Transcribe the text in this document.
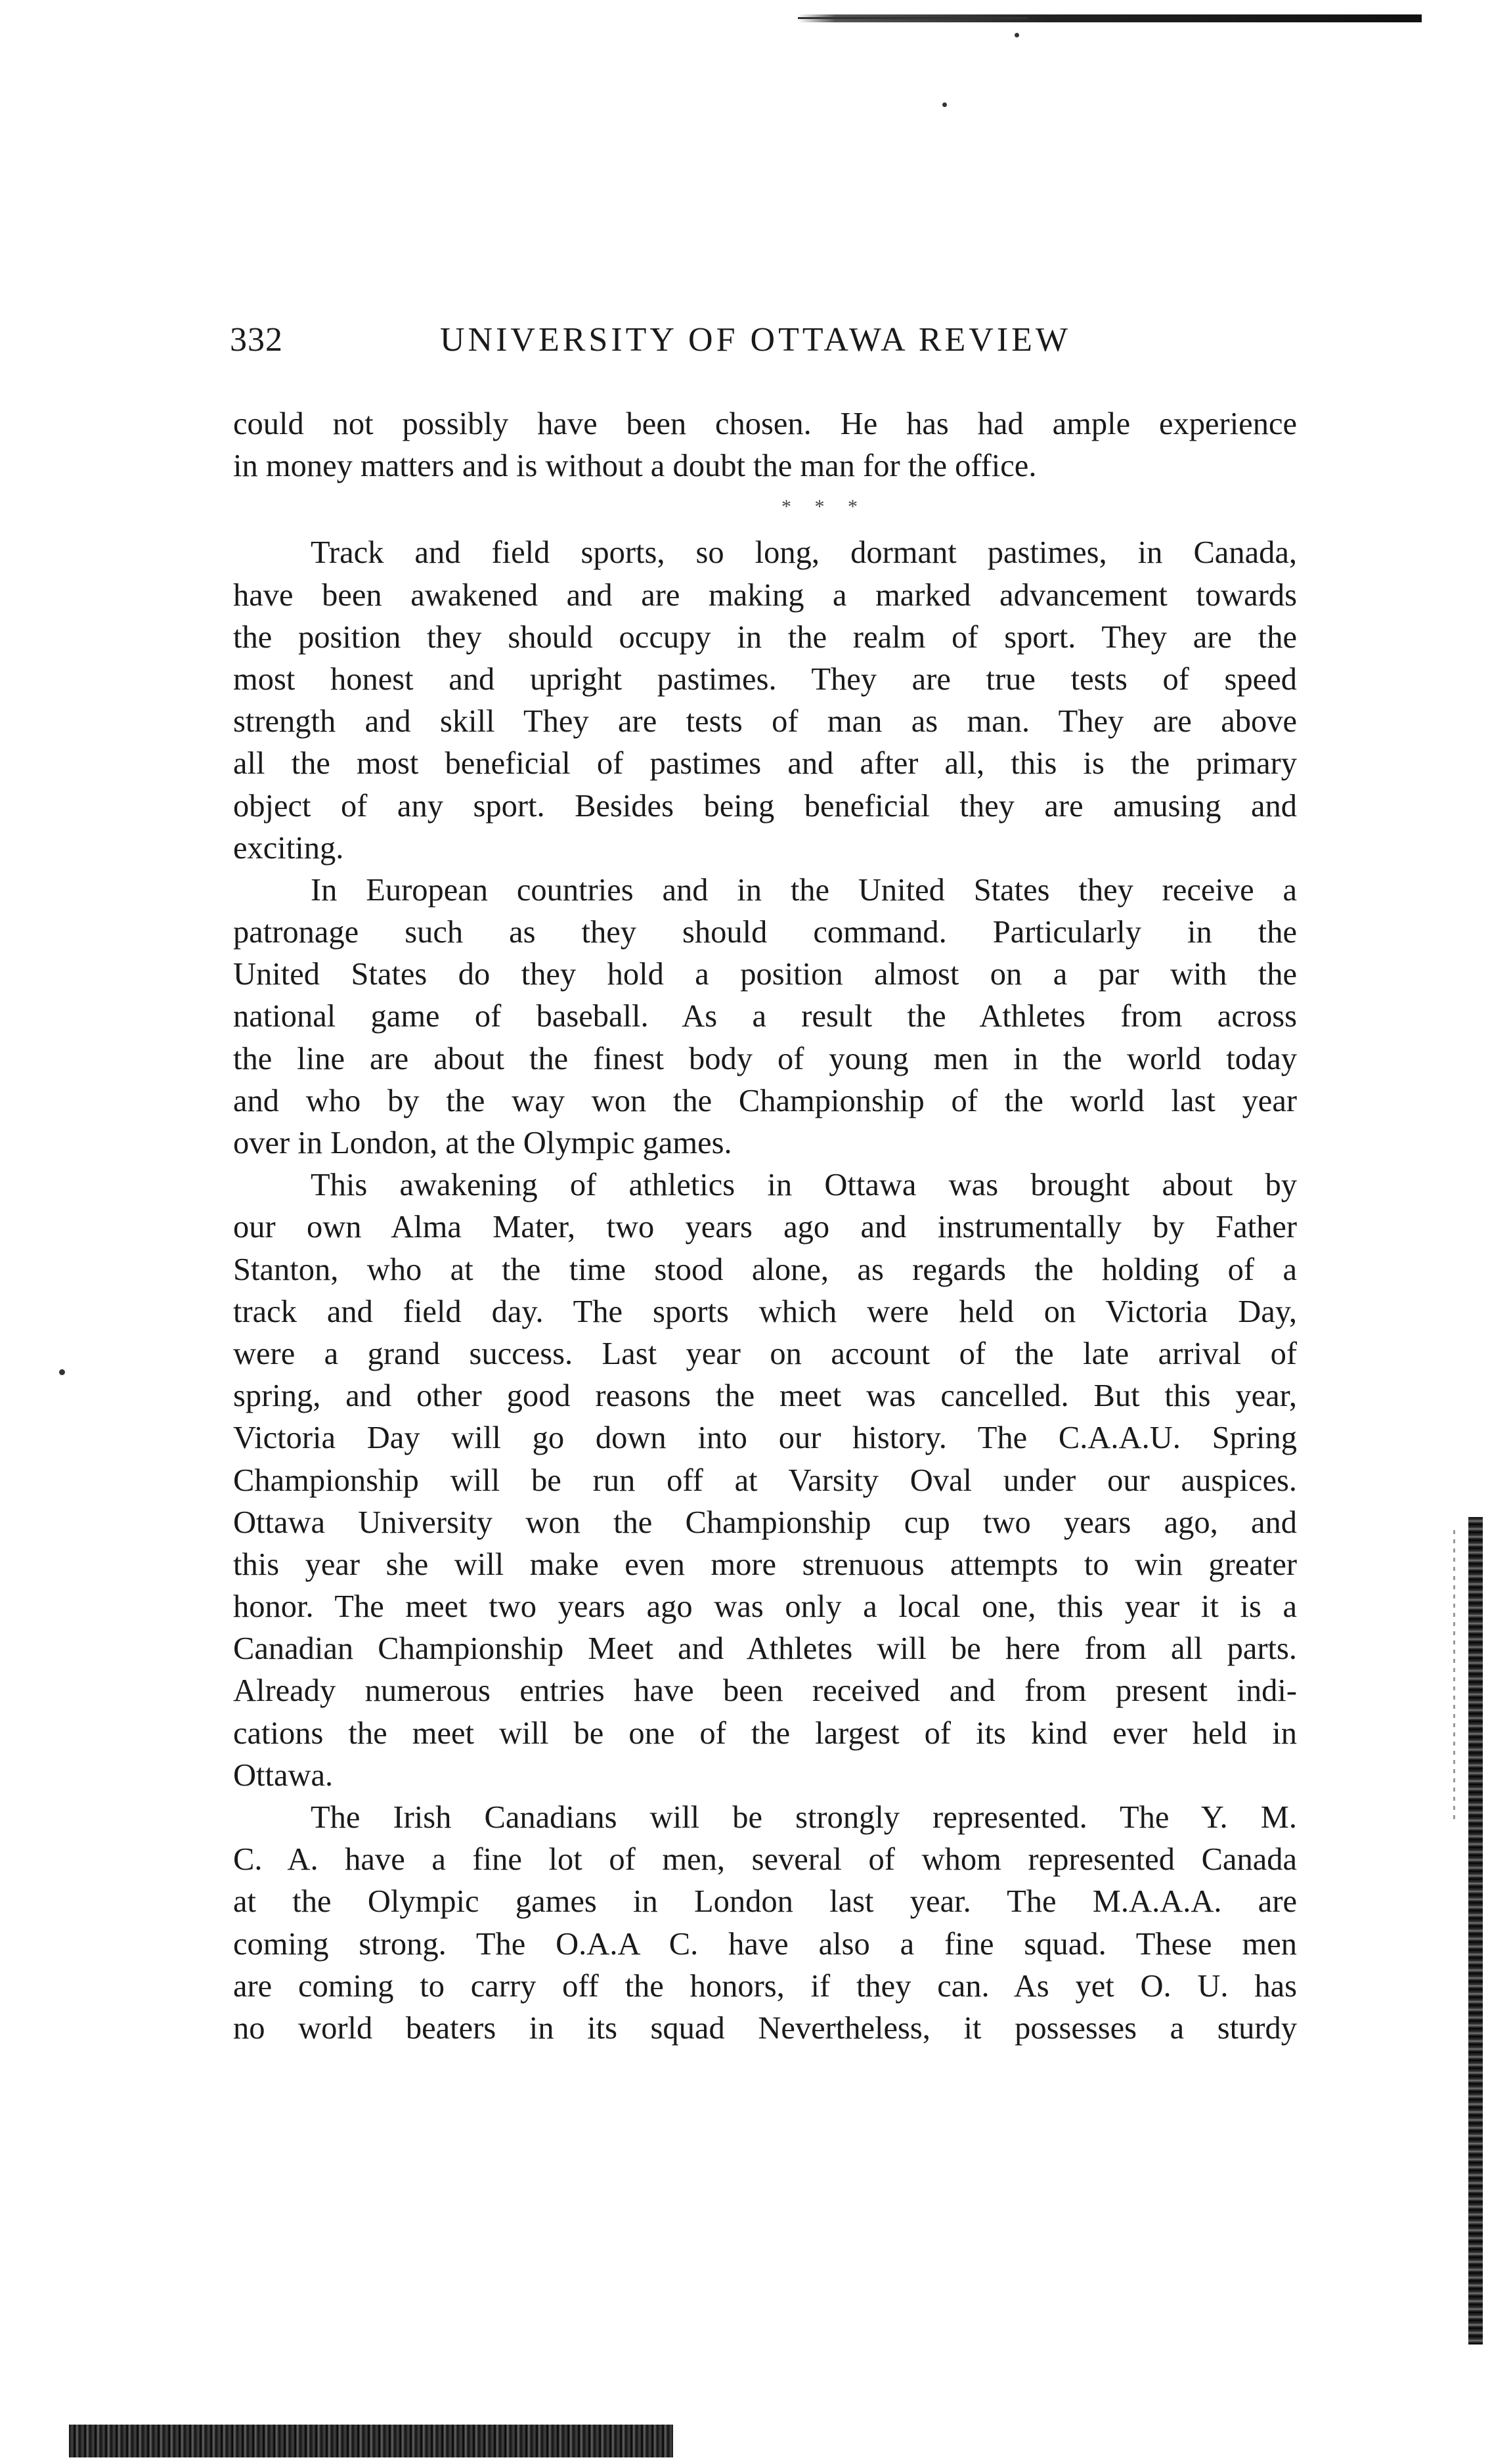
332	UNIVERSITY OF OTTAWA REVIEW
could not possibly have been chosen. He has had ample experience
in money matters and is without a doubt the man for the office.
* * *
Track and field sports, so long, dormant pastimes, in Canada,
have been awakened and are making a marked advancement towards
the position they should occupy in the realm of sport. They are the
most honest and upright pastimes. They are true tests of speed
strength and skill They are tests of man as man. They are above
all the most beneficial of pastimes and after all, this is the primary
object of any sport. Besides being beneficial they are amusing and
exciting.
In European countries and in the United States they receive a
patronage such as they should command. Particularly in the
United States do they hold a position almost on a par with the
national game of baseball. As a result the Athletes from across
the line are about the finest body of young men in the world today
and who by the way won the Championship of the world last year
over in London, at the Olympic games.
This awakening of athletics in Ottawa was brought about by
our own Alma Mater, two years ago and instrumentally by Father
Stanton, who at the time stood alone, as regards the holding of a
track and field day. The sports which were held on Victoria Day,
were a grand success. Last year on account of the late arrival of
spring, and other good reasons the meet was cancelled. But this year,
Victoria Day will go down into our history. The C.A.A.U. Spring
Championship will be run off at Varsity Oval under our auspices.
Ottawa University won the Championship cup two years ago, and
this year she will make even more strenuous attempts to win greater
honor. The meet two years ago was only a local one, this year it is a
Canadian Championship Meet and Athletes will be here from all parts.
Already numerous entries have been received and from present indi-
cations the meet will be one of the largest of its kind ever held in
Ottawa.
The Irish Canadians will be strongly represented. The Y. M.
C. A. have a fine lot of men, several of whom represented Canada
at the Olympic games in London last year. The M.A.A.A. are
coming strong. The O.A.A C. have also a fine squad. These men
are coming to carry off the honors, if they can. As yet O. U. has
no world beaters in its squad Nevertheless, it possesses a sturdy
